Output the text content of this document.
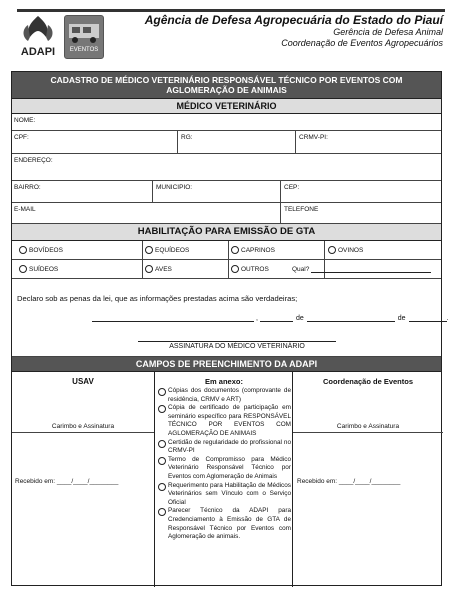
ADAPI	EVENTOS
Agência de Defesa Agropecuária do Estado do Piauí
Gerência de Defesa Animal
Coordenação de Eventos Agropecuários
CADASTRO DE MÉDICO VETERINÁRIO RESPONSÁVEL TÉCNICO POR EVENTOS COM AGLOMERAÇÃO DE ANIMAIS
MÉDICO VETERINÁRIO
NOME:
CPF:	RG:	CRMV-PI:
ENDEREÇO:
BAIRRO:	MUNICIPIO:	CEP:
E-MAIL	TELEFONE
HABILITAÇÃO PARA EMISSÃO DE GTA
BOVÍDEOS	EQUÍDEOS	CAPRINOS	OVINOS
SUÍDEOS	AVES	OUTROS	Qual?
Declaro sob as penas da lei, que as informações prestadas acima são verdadeiras;
,	de	de	.
ASSINATURA DO MÉDICO VETERINÁRIO
CAMPOS DE PREENCHIMENTO DA ADAPI
USAV
Carimbo e Assinatura
Recebido em: ____/____/________
Em anexo:
Cópias dos documentos (comprovante de residência, CRMV e ART)
Cópia de certificado de participação em seminário específico para RESPONSÁVEL TÉCNICO POR EVENTOS COM AGLOMERAÇÃO DE ANIMAIS
Certidão de regularidade do profissional no CRMV-PI
Termo de Compromisso para Médico Veterinário Responsável Técnico por Eventos com Aglomeração de Animais
Requerimento para Habilitação de Médicos Veterinários sem Vínculo com o Serviço Oficial
Parecer Técnico da ADAPI para Credenciamento à Emissão de GTA de Responsável Técnico por Eventos com Aglomeração de animais.
Coordenação de Eventos
Carimbo e Assinatura
Recebido em: ____/____/________
